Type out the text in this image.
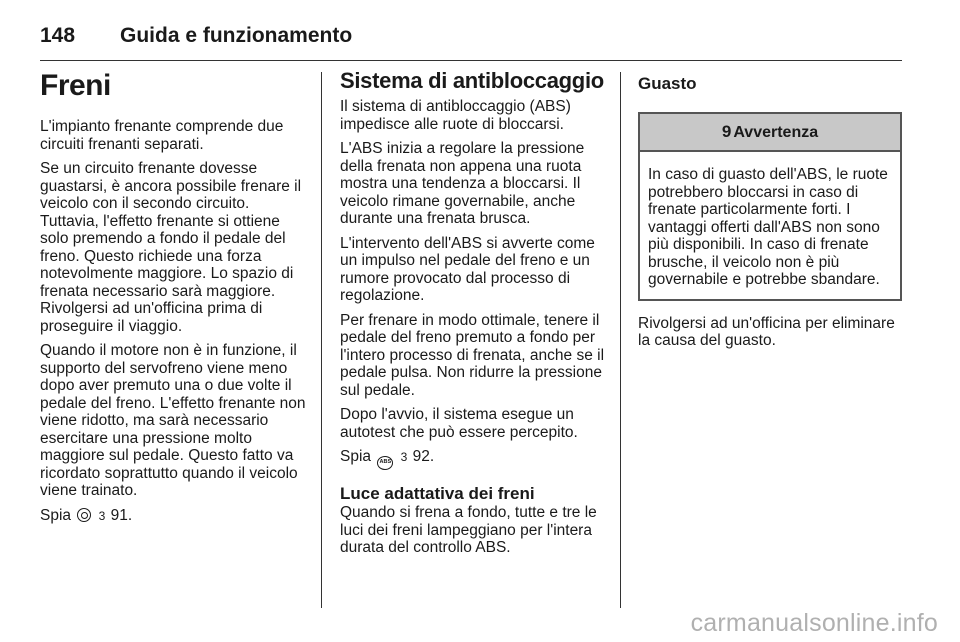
148	Guida e funzionamento
Freni

L'impianto frenante comprende due circuiti frenanti separati.

Se un circuito frenante dovesse guastarsi, è ancora possibile frenare il veicolo con il secondo circuito. Tuttavia, l'effetto frenante si ottiene solo premendo a fondo il pedale del freno. Questo richiede una forza notevolmente maggiore. Lo spazio di frenata necessario sarà maggiore. Rivolgersi ad un'officina prima di proseguire il viaggio.

Quando il motore non è in funzione, il supporto del servofreno viene meno dopo aver premuto una o due volte il pedale del freno. L'effetto frenante non viene ridotto, ma sarà necessario esercitare una pressione molto maggiore sul pedale. Questo fatto va ricordato soprattutto quando il veicolo viene trainato.

Spia 3 91.

Sistema di antibloccaggio

Il sistema di antibloccaggio (ABS) impedisce alle ruote di bloccarsi.

L'ABS inizia a regolare la pressione della frenata non appena una ruota mostra una tendenza a bloccarsi. Il veicolo rimane governabile, anche durante una frenata brusca.

L'intervento dell'ABS si avverte come un impulso nel pedale del freno e un rumore provocato dal processo di regolazione.

Per frenare in modo ottimale, tenere il pedale del freno premuto a fondo per l'intero processo di frenata, anche se il pedale pulsa. Non ridurre la pressione sul pedale.

Dopo l'avvio, il sistema esegue un autotest che può essere percepito.

Spia ABS 3 92.

Luce adattativa dei freni

Quando si frena a fondo, tutte e tre le luci dei freni lampeggiano per l'intera durata del controllo ABS.

Guasto
9 Avvertenza
In caso di guasto dell'ABS, le ruote potrebbero bloccarsi in caso di frenate particolarmente forti. I vantaggi offerti dall'ABS non sono più disponibili. In caso di frenate brusche, il veicolo non è più governabile e potrebbe sbandare.

Rivolgersi ad un'officina per eliminare la causa del guasto.

carmanualsonline.info
